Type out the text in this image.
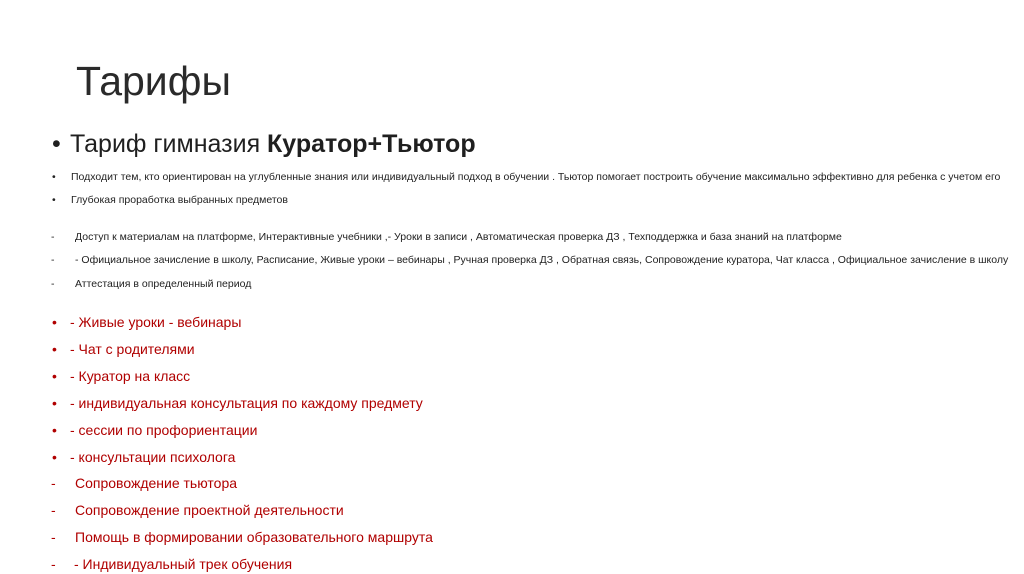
Тарифы
• Тариф гимназия Куратор+Тьютор
• Подходит тем, кто ориентирован на углубленные знания или индивидуальный подход в обучении . Тьютор помогает построить обучение максимально эффективно для ребенка с учетом его
• Глубокая проработка выбранных предметов
- Доступ к материалам на платформе, Интерактивные учебники ,- Уроки в записи , Автоматическая проверка ДЗ , Техподдержка и база знаний на платформе
- - Официальное зачисление в школу, Расписание, Живые уроки – вебинары , Ручная проверка ДЗ , Обратная связь, Сопровождение куратора, Чат класса , Официальное зачисление в школу
- Аттестация в определенный период
• - Живые уроки - вебинары
• - Чат с родителями
• - Куратор на класс
• - индивидуальная консультация по каждому предмету
• - сессии по профориентации
• - консультации психолога
- Сопровождение тьютора
- Сопровождение проектной деятельности
- Помощь в формировании образовательного маршрута
- - Индивидуальный трек обучения
